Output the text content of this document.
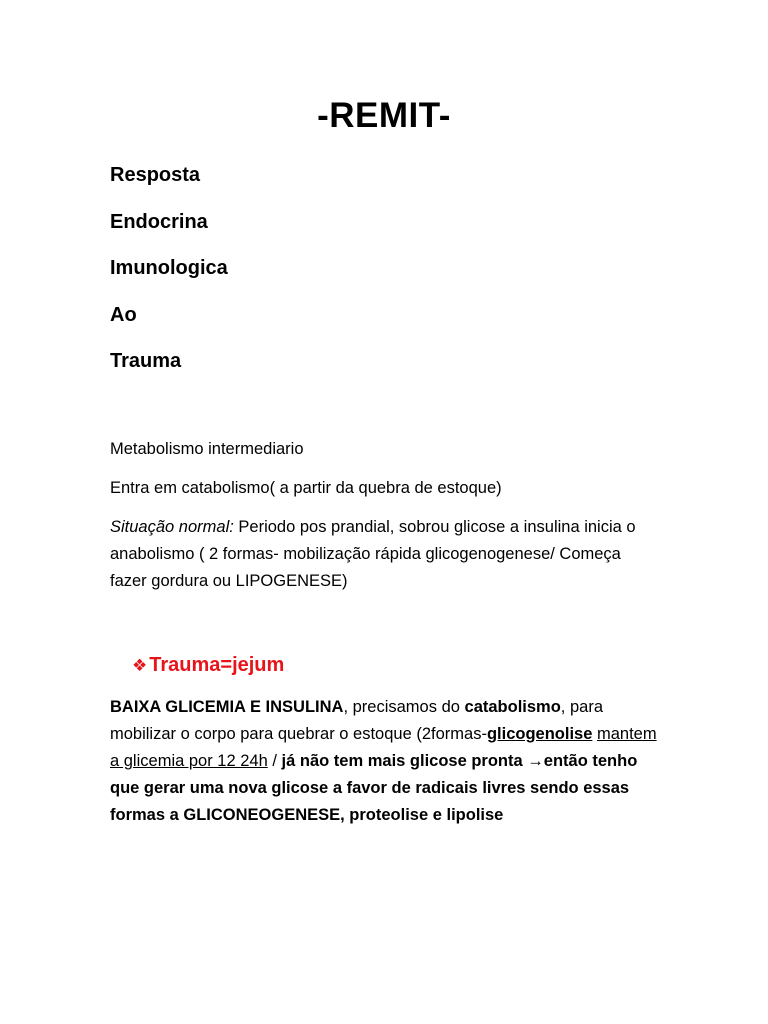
-REMIT-
Resposta
Endocrina
Imunologica
Ao
Trauma

Metabolismo intermediario

Entra em catabolismo( a partir da quebra de estoque)

Situação normal: Periodo pos prandial, sobrou glicose a insulina inicia o anabolismo ( 2 formas- mobilização rápida glicogenogenese/ Começa fazer gordura ou LIPOGENESE)

❖ Trauma=jejum

BAIXA GLICEMIA E INSULINA, precisamos do catabolismo, para mobilizar o corpo para quebrar o estoque (2formas-glicogenolise mantem a glicemia por 12 24h / já não tem mais glicose pronta →então tenho que gerar uma nova glicose a favor de radicais livres sendo essas formas a GLICONEOGENESE, proteolise e lipolise
